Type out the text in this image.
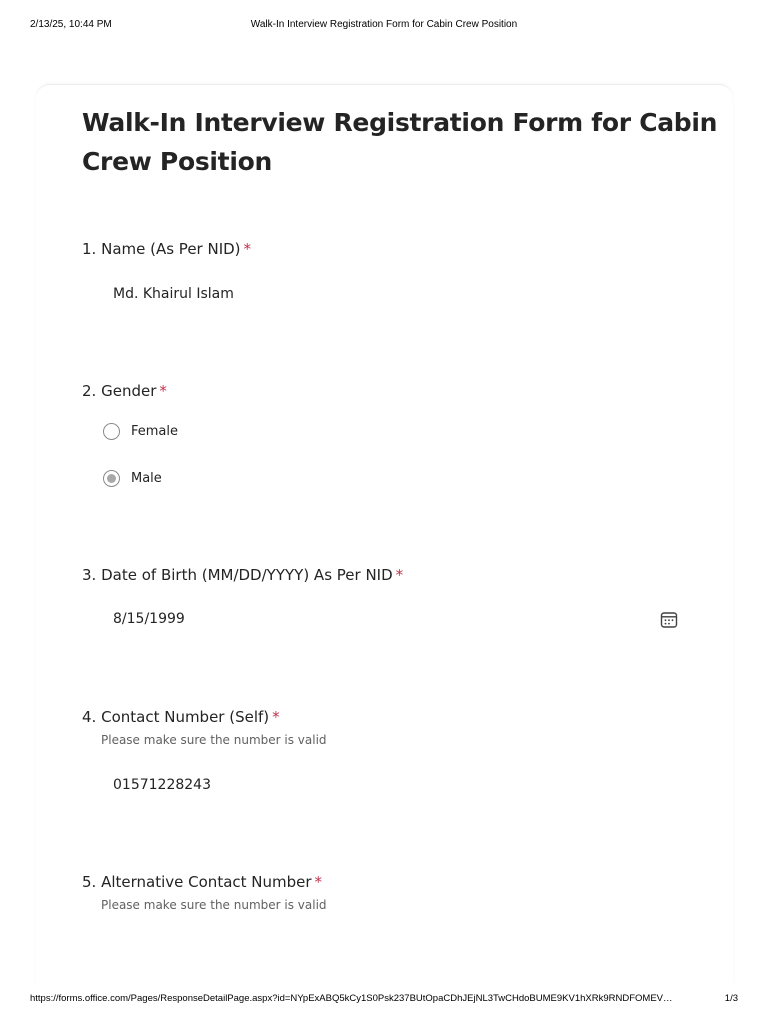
2/13/25, 10:44 PM	Walk-In Interview Registration Form for Cabin Crew Position
Walk-In Interview Registration Form for Cabin Crew Position
1. Name (As Per NID) *
Md. Khairul Islam
2. Gender *
Female
Male
3. Date of Birth (MM/DD/YYYY) As Per NID *
8/15/1999
4. Contact Number (Self) *
Please make sure the number is valid
01571228243
5. Alternative Contact Number *
Please make sure the number is valid
https://forms.office.com/Pages/ResponseDetailPage.aspx?id=NYpExABQ5kCy1S0Psk237BUtOpaCDhJEjNL3TwCHdoBUME9KV1hXRk9RNDFOMEV…	1/3
